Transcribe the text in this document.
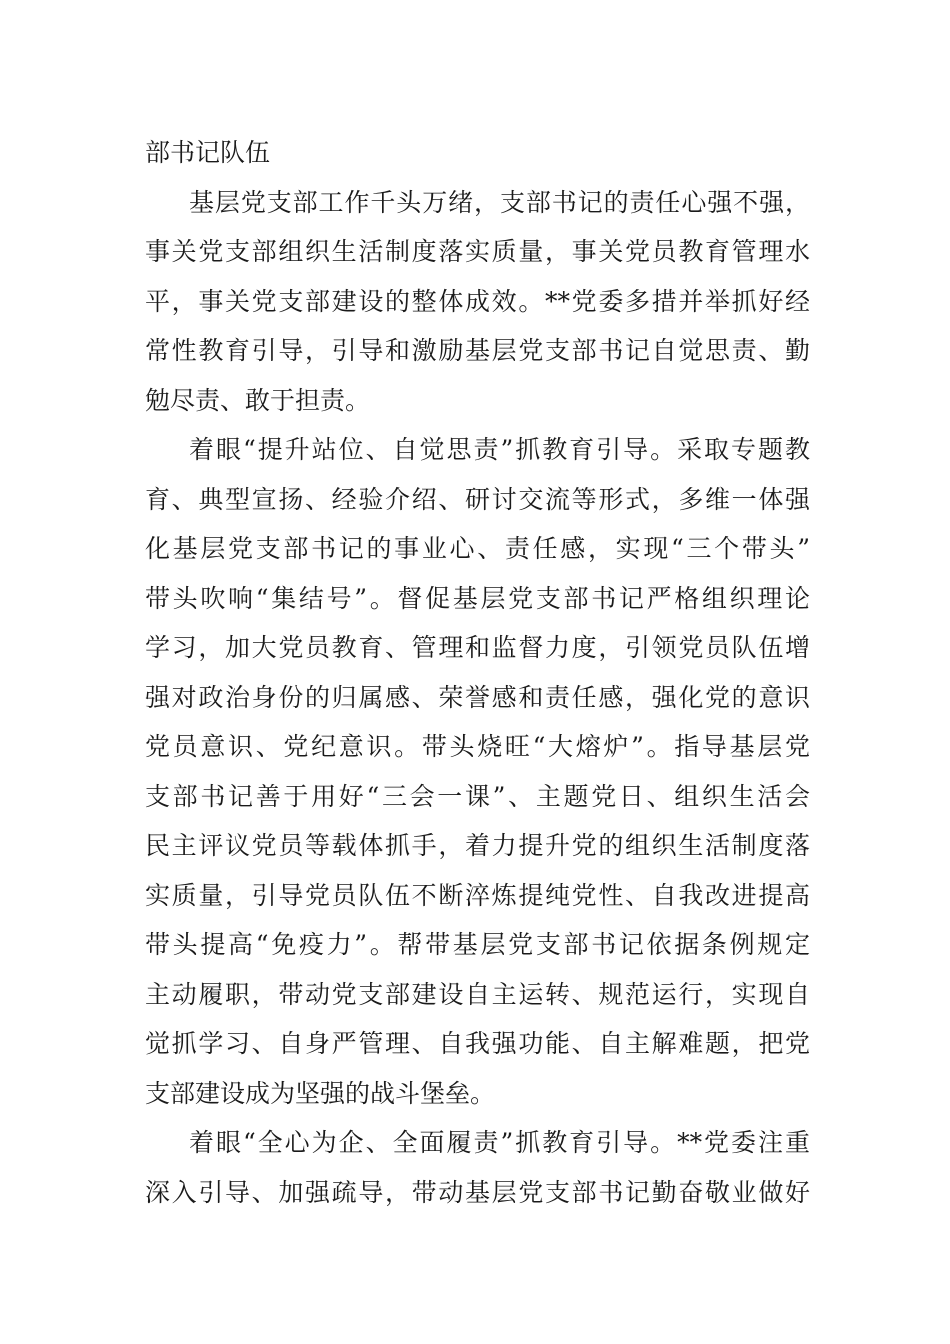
部书记队伍
基层党支部工作千头万绪，支部书记的责任心强不强，
事关党支部组织生活制度落实质量，事关党员教育管理水
平，事关党支部建设的整体成效。**党委多措并举抓好经
常性教育引导，引导和激励基层党支部书记自觉思责、勤
勉尽责、敢于担责。
着眼“提升站位、自觉思责”抓教育引导。采取专题教
育、典型宣扬、经验介绍、研讨交流等形式，多维一体强
化基层党支部书记的事业心、责任感，实现“三个带头”
带头吹响“集结号”。督促基层党支部书记严格组织理论
学习，加大党员教育、管理和监督力度，引领党员队伍增
强对政治身份的归属感、荣誉感和责任感，强化党的意识
党员意识、党纪意识。带头烧旺“大熔炉”。指导基层党
支部书记善于用好“三会一课”、主题党日、组织生活会
民主评议党员等载体抓手，着力提升党的组织生活制度落
实质量，引导党员队伍不断淬炼提纯党性、自我改进提高
带头提高“免疫力”。帮带基层党支部书记依据条例规定
主动履职，带动党支部建设自主运转、规范运行，实现自
觉抓学习、自身严管理、自我强功能、自主解难题，把党
支部建设成为坚强的战斗堡垒。
着眼“全心为企、全面履责”抓教育引导。**党委注重
深入引导、加强疏导，带动基层党支部书记勤奋敬业做好
